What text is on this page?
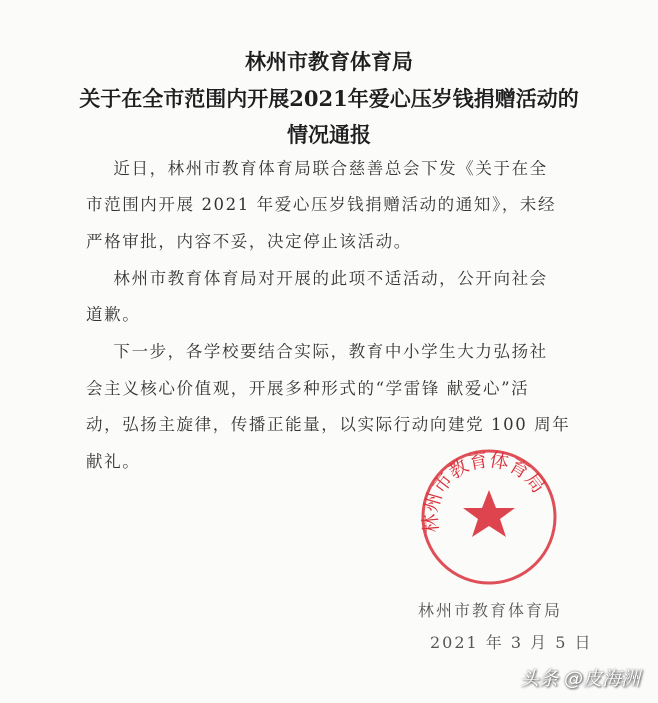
林州市教育体育局
关于在全市范围内开展2021年爱心压岁钱捐赠活动的
情况通报
近日，林州市教育体育局联合慈善总会下发《关于在全
市范围内开展 2021 年爱心压岁钱捐赠活动的通知》，未经
严格审批，内容不妥，决定停止该活动。
林州市教育体育局对开展的此项不适活动，公开向社会
道歉。
下一步，各学校要结合实际，教育中小学生大力弘扬社
会主义核心价值观，开展多种形式的“学雷锋 献爱心”活
动，弘扬主旋律，传播正能量，以实际行动向建党 100 周年
献礼。
林州市教育体育局
林州市教育体育局
2021 年 3 月 5 日
头条 @皮海洲
